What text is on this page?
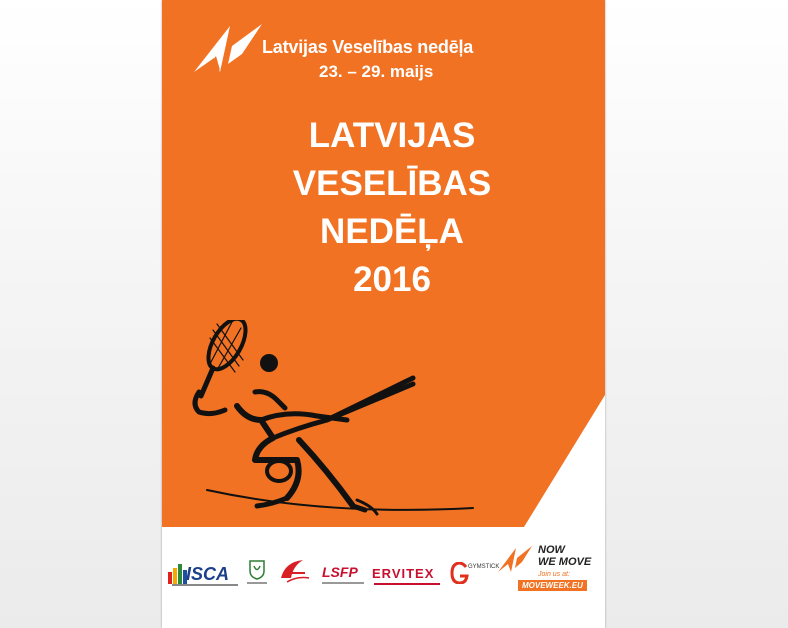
Latvijas Veselības nedēļa
23. – 29. maijs
LATVIJAS
VESELĪBAS
NEDĒĻA
2016
ISCA	LSFP ERVITEX	GYMSTICK
NOW
WE MOVE
Join us at:
MOVEWEEK.EU
